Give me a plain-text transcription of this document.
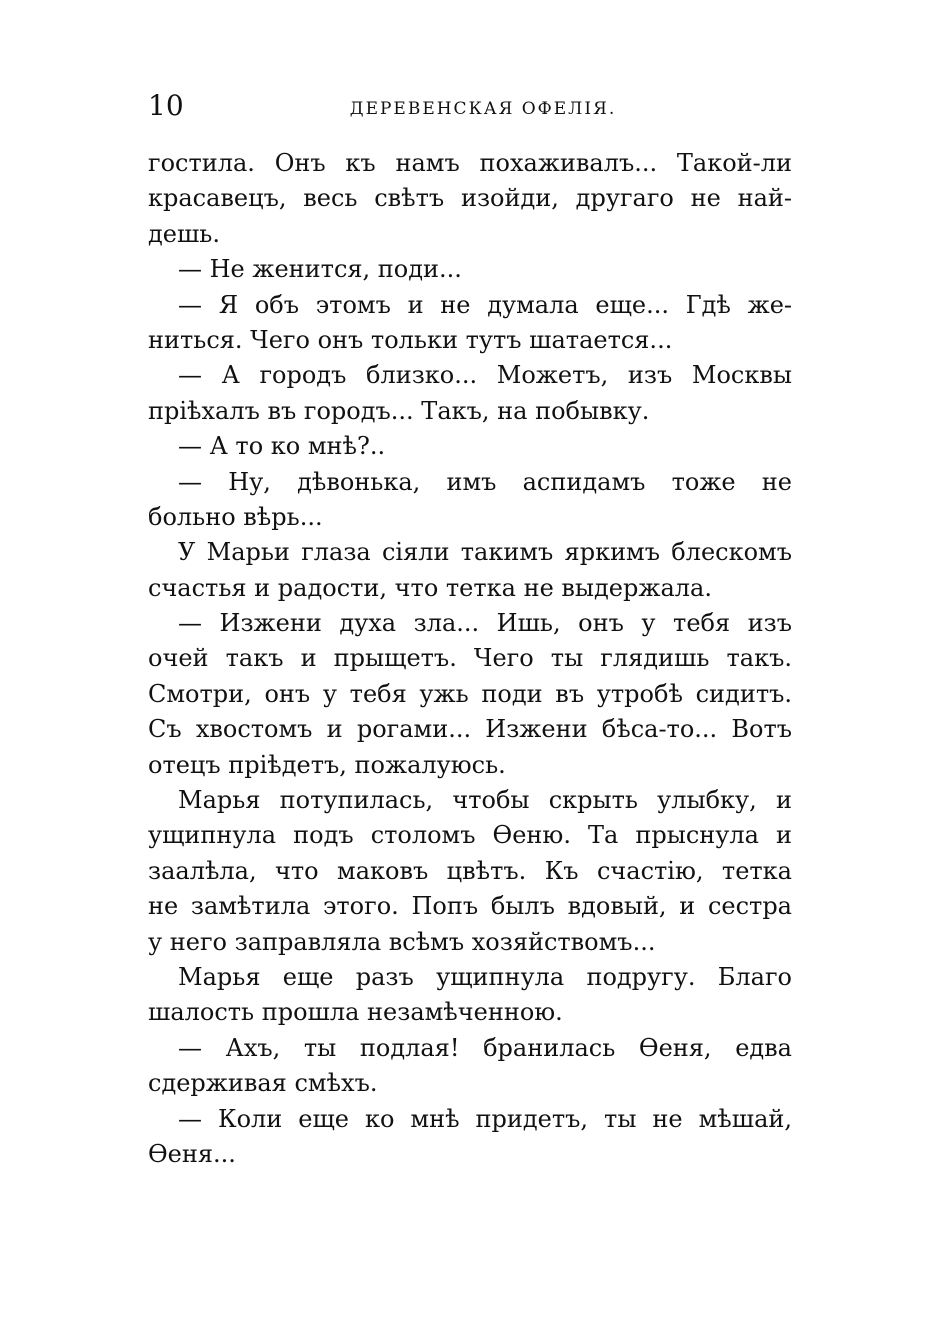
10	ДЕРЕВЕНСКАЯ ОФЕЛІЯ.
гостила. Онъ къ намъ похаживалъ... Такой-ли
красавецъ, весь свѣтъ изойди, другаго не най-
дешь.
— Не женится, поди...
— Я объ этомъ и не думала еще... Гдѣ же-
ниться. Чего онъ тольки тутъ шатается...
— А городъ близко... Можетъ, изъ Москвы
пріѣхалъ въ городъ... Такъ, на побывку.
— А то ко мнѣ?..
— Ну, дѣвонька, имъ аспидамъ тоже не
больно вѣрь...
У Марьи глаза сіяли такимъ яркимъ блескомъ
счастья и радости, что тетка не выдержала.
— Изжени духа зла... Ишь, онъ у тебя изъ
очей такъ и прыщетъ. Чего ты глядишь такъ.
Смотри, онъ у тебя ужь поди въ утробѣ сидитъ.
Съ хвостомъ и рогами... Изжени бѣса-то... Вотъ
отецъ пріѣдетъ, пожалуюсь.
Марья потупилась, чтобы скрыть улыбку, и
ущипнула подъ столомъ Ѳеню. Та прыснула и
зaaлѣла, что маковъ цвѣтъ. Къ счастію, тетка
не замѣтила этого. Попъ былъ вдовый, и сестра
у него заправляла всѣмъ хозяйствомъ...
Марья еще разъ ущипнула подругу. Благо
шалость прошла незамѣченною.
— Ахъ, ты подлая! бранилась Ѳеня, едва
сдерживая смѣхъ.
— Коли еще ко мнѣ придетъ, ты не мѣшай,
Ѳеня...
